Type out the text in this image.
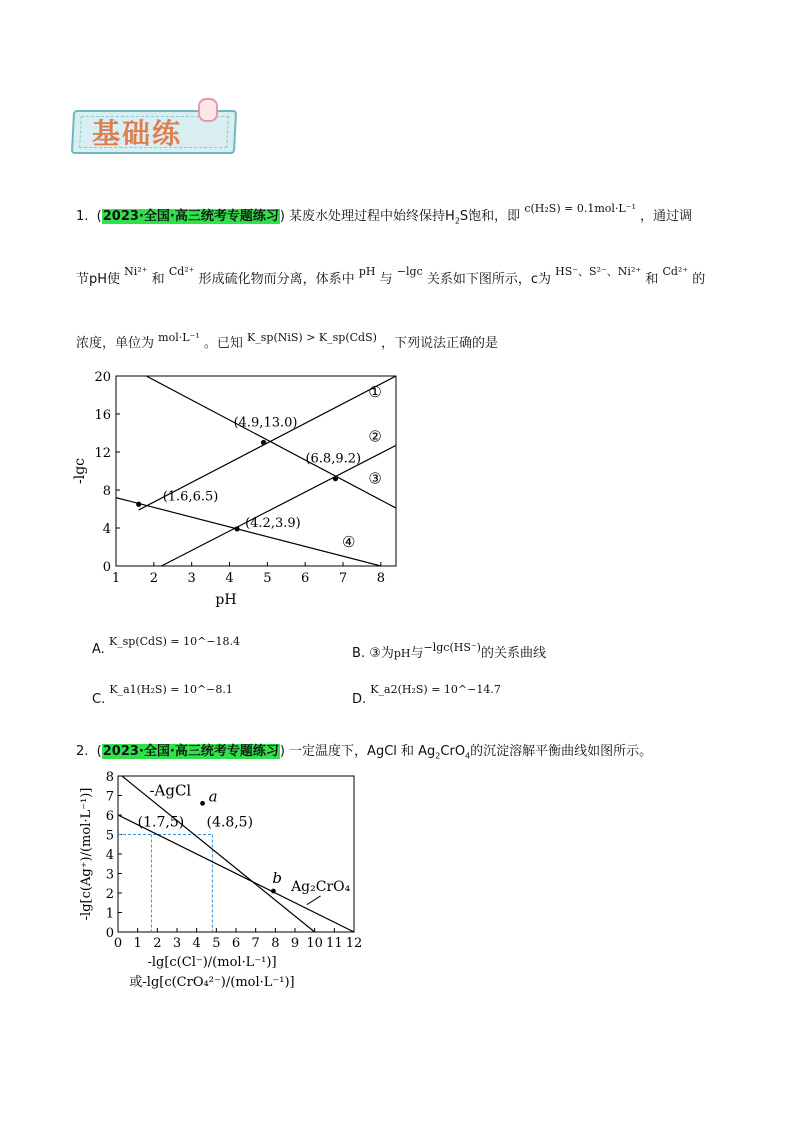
基础练
1.  (2023·全国·高三统考专题练习) 某废水处理过程中始终保持$H_2S$饱和，即 $^{c(H_2S) = 0.1mol\cdot L^{-1}}$ ，通过调
节pH使 $^{Ni^{2+}}$ 和 $^{Cd^{2+}}$ 形成硫化物而分离，体系中 $^{pH}$ 与 $^{-lgc}$ 关系如下图所示，c为 $^{HS^-、S^{2-}、Ni^{2+}}$ 和 $^{Cd^{2+}}$ 的
浓度，单位为 $^{mol\cdot L^{-1}}$ 。已知 $^{K\_sp(NiS) > K\_sp(CdS)}$ ，下列说法正确的是
1 2 3 4 5 6 7 8
0
4
8
12
16
20
pH
-lgc
①
②
③
④
(4.9,13.0)
(6.8,9.2)
(1.6,6.5)
(4.2,3.9)
A. $^{K\_sp(CdS) = 10\^{}-18.4}$
B. ③为pH与$^{-lgc(HS^-)}$的关系曲线
C. $^{K\_a1(H_2S) = 10\^{}-8.1}$
D. $^{K\_a2(H_2S) = 10\^{}-14.7}$
2.  (2023·全国·高三统考专题练习) 一定温度下，AgCl 和 $Ag_2CrO_4$的沉淀溶解平衡曲线如图所示。
0 1 2 3 4 5 6 7 8 9 10 11 12
0
1
2
3
4
5
6
7
8
-lg[c(Cl⁻)/(mol·L⁻¹)]
或-lg[c(CrO₄²⁻)/(mol·L⁻¹)]
-lg[c(Ag⁺)/(mol·L⁻¹)]	-AgCl
Ag₂CrO₄
(1.7,5) (4.8,5)
a
b
